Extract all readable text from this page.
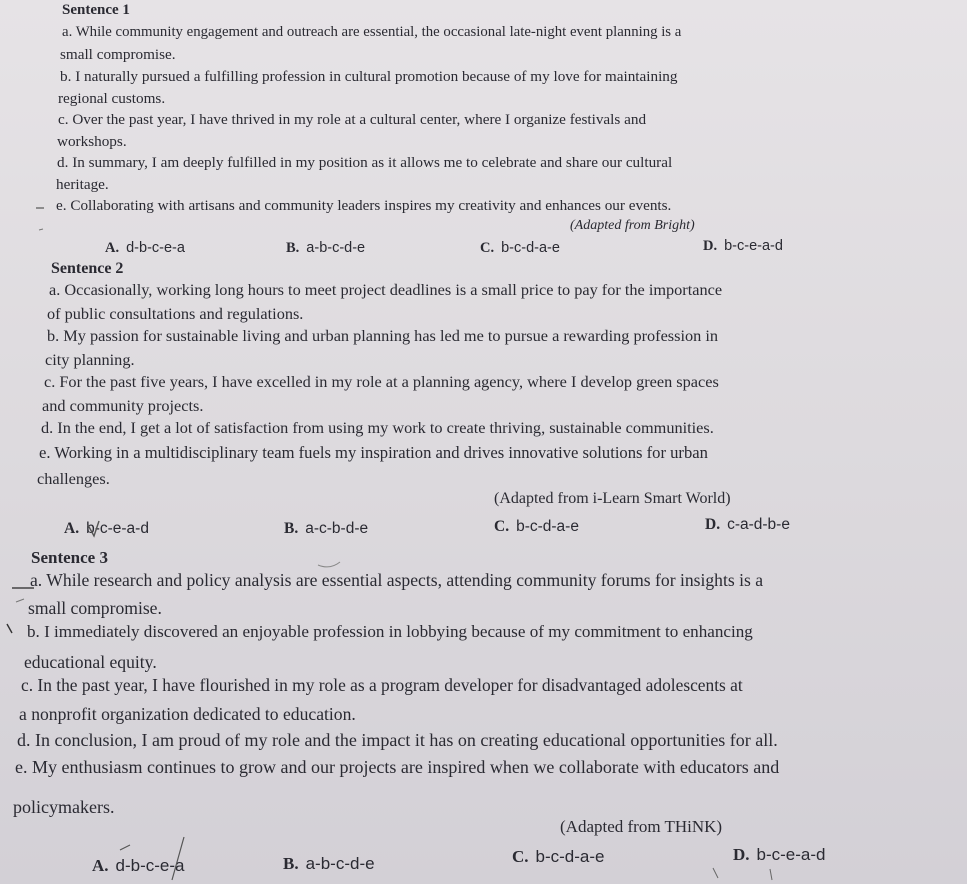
Sentence 1
a. While community engagement and outreach are essential, the occasional late-night event planning is a
small compromise.
b. I naturally pursued a fulfilling profession in cultural promotion because of my love for maintaining
regional customs.
c. Over the past year, I have thrived in my role at a cultural center, where I organize festivals and
workshops.
d. In summary, I am deeply fulfilled in my position as it allows me to celebrate and share our cultural
heritage.
e. Collaborating with artisans and community leaders inspires my creativity and enhances our events.
(Adapted from Bright)
A. d-b-c-e-a	B. a-b-c-d-e	C. b-c-d-a-e	D. b-c-e-a-d
Sentence 2
a. Occasionally, working long hours to meet project deadlines is a small price to pay for the importance
of public consultations and regulations.
b. My passion for sustainable living and urban planning has led me to pursue a rewarding profession in
city planning.
c. For the past five years, I have excelled in my role at a planning agency, where I develop green spaces
and community projects.
d. In the end, I get a lot of satisfaction from using my work to create thriving, sustainable communities.
e. Working in a multidisciplinary team fuels my inspiration and drives innovative solutions for urban
challenges.
(Adapted from i-Learn Smart World)
A. b-c-e-a-d	B. a-c-b-d-e	C. b-c-d-a-e	D. c-a-d-b-e
Sentence 3
a. While research and policy analysis are essential aspects, attending community forums for insights is a
small compromise.
b. I immediately discovered an enjoyable profession in lobbying because of my commitment to enhancing
educational equity.
c. In the past year, I have flourished in my role as a program developer for disadvantaged adolescents at
a nonprofit organization dedicated to education.
d. In conclusion, I am proud of my role and the impact it has on creating educational opportunities for all.
e. My enthusiasm continues to grow and our projects are inspired when we collaborate with educators and
policymakers.
(Adapted from THiNK)
A. d-b-c-e-a	B. a-b-c-d-e	C. b-c-d-a-e	D. b-c-e-a-d
